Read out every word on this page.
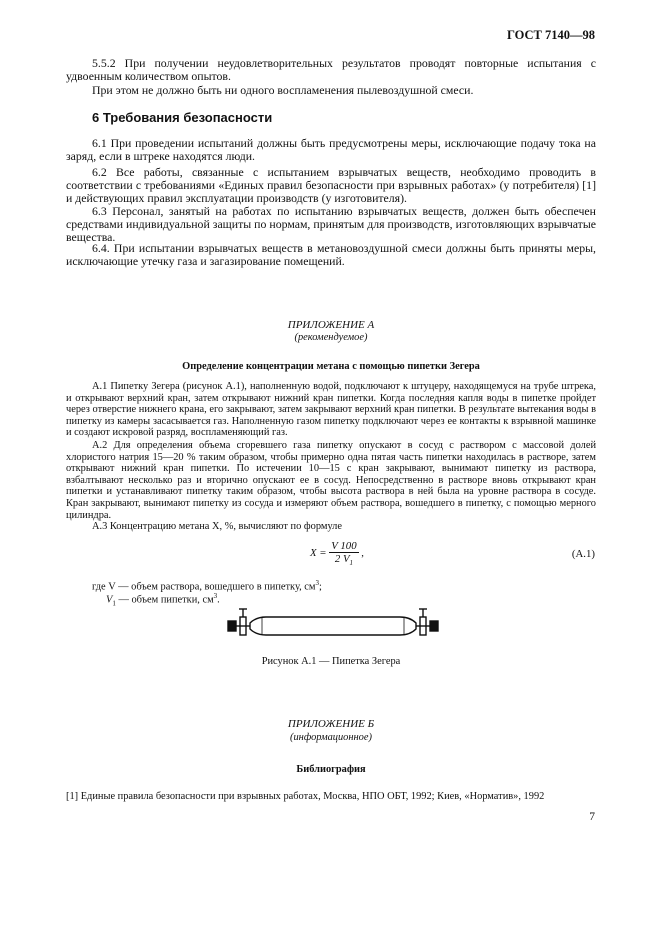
ГОСТ 7140—98
5.5.2 При получении неудовлетворительных результатов проводят повторные испытания с удвоенным количеством опытов.
При этом не должно быть ни одного воспламенения пылевоздушной смеси.
6 Требования безопасности
6.1 При проведении испытаний должны быть предусмотрены меры, исключающие подачу тока на заряд, если в штреке находятся люди.
6.2 Все работы, связанные с испытанием взрывчатых веществ, необходимо проводить в соответствии с требованиями «Единых правил безопасности при взрывных работах» (у потребителя) [1] и действующих правил эксплуатации производств (у изготовителя).
6.3 Персонал, занятый на работах по испытанию взрывчатых веществ, должен быть обеспечен средствами индивидуальной защиты по нормам, принятым для производств, изготовляющих взрывчатые вещества.
6.4. При испытании взрывчатых веществ в метановоздушной смеси должны быть приняты меры, исключающие утечку газа и загазирование помещений.
ПРИЛОЖЕНИЕ А
(рекомендуемое)
Определение концентрации метана с помощью пипетки Зегера
А.1 Пипетку Зегера (рисунок А.1), наполненную водой, подключают к штуцеру, находящемуся на трубе штрека, и открывают верхний кран, затем открывают нижний кран пипетки. Когда последняя капля воды в пипетке пройдет через отверстие нижнего крана, его закрывают, затем закрывают верхний кран пипетки. В результате вытекания воды в пипетку из камеры засасывается газ. Наполненную газом пипетку подключают через ее контакты к взрывной машинке и создают искровой разряд, воспламеняющий газ.
А.2 Для определения объема сгоревшего газа пипетку опускают в сосуд с раствором с массовой долей хлористого натрия 15—20 % таким образом, чтобы примерно одна пятая часть пипетки находилась в растворе, затем открывают нижний кран пипетки. По истечении 10—15 с кран закрывают, вынимают пипетку из раствора, взбалтывают несколько раз и вторично опускают ее в сосуд. Непосредственно в растворе вновь открывают кран пипетки и устанавливают пипетку таким образом, чтобы высота раствора в ней была на уровне раствора в сосуде. Кран закрывают, вынимают пипетку из сосуда и измеряют объем раствора, вошедшего в пипетку, с помощью мерного цилиндра.
А.3 Концентрацию метана X, %, вычисляют по формуле
$X = \frac{V 100}{2 V_1}$ ,	(А.1)
где V — объем раствора, вошедшего в пипетку, $см^3$;
$V_1$ — объем пипетки, $см^3$.
Рисунок А.1 — Пипетка Зегера
ПРИЛОЖЕНИЕ Б
(информационное)
Библиография
[1] Единые правила безопасности при взрывных работах, Москва, НПО ОБТ, 1992; Киев, «Норматив», 1992
7
